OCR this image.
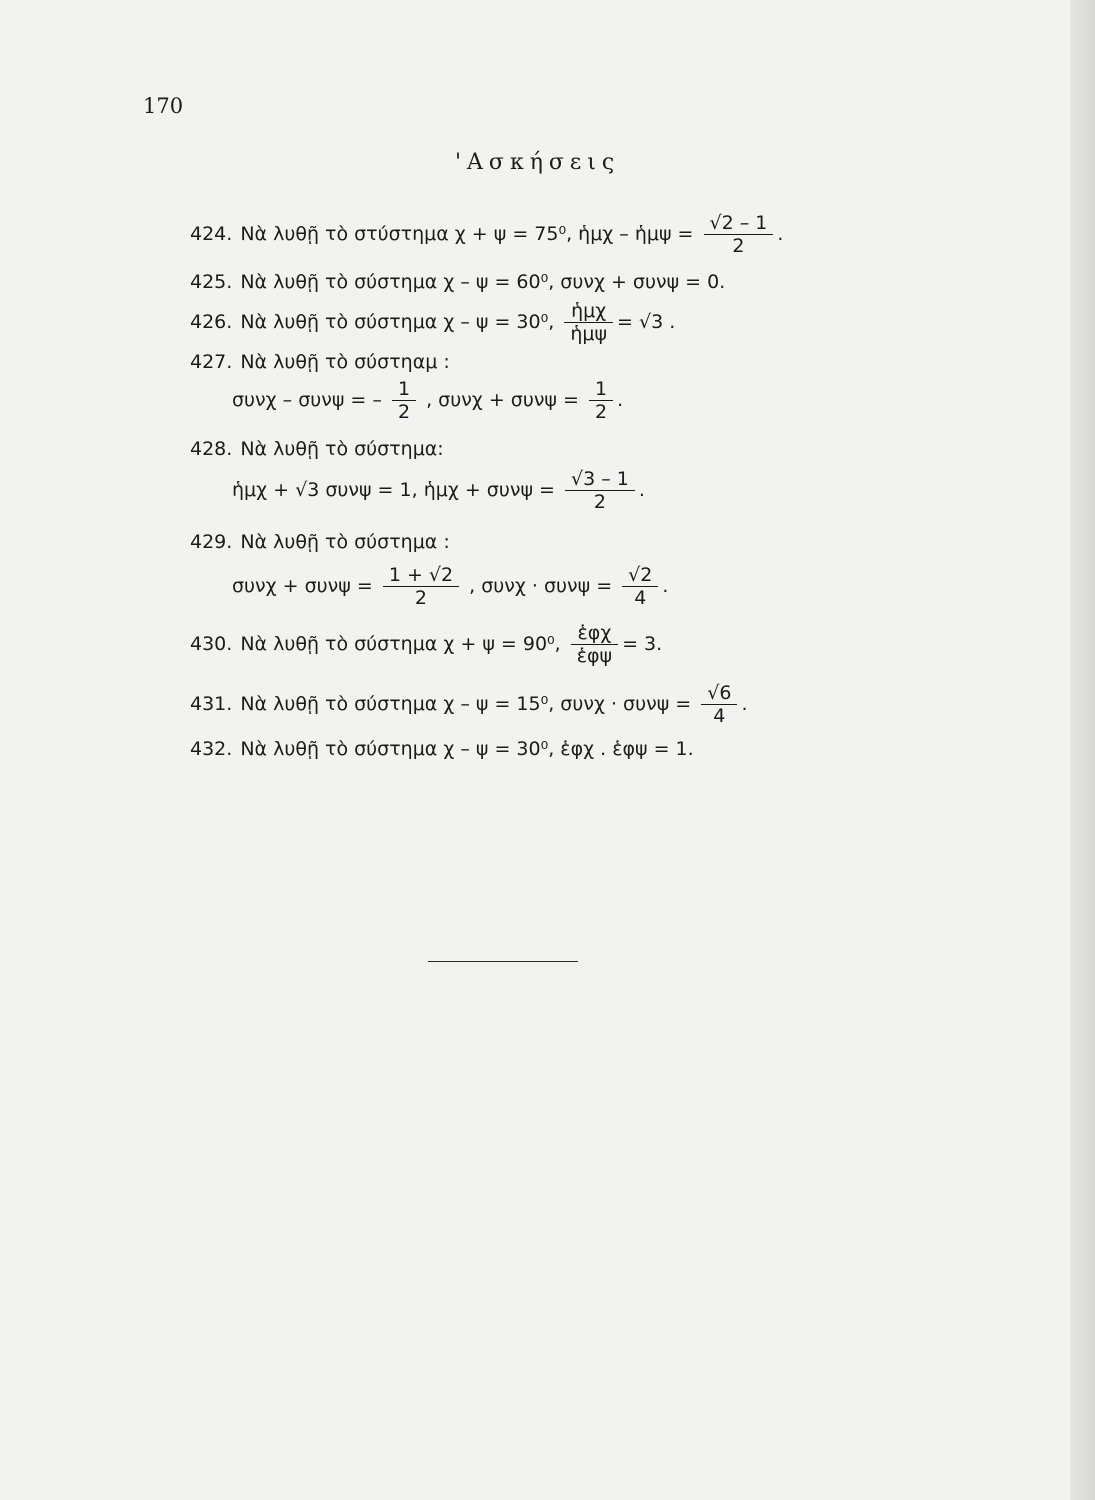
170
'Ασκήσεις
424. Νὰ λυθῇ τὸ στύστημα χ + ψ = 75⁰, ἡμχ – ἡμψ = $\frac{√2 - 1}{2}$ .
425. Νὰ λυθῇ τὸ σύστημα χ – ψ = 60⁰, συνχ + συνψ = 0.
426. Νὰ λυθῇ τὸ σύστημα χ – ψ = 30⁰, $\frac{\text{ἡμχ}}{\text{ἡμψ}} = √3$ .
427. Νὰ λυθῇ τὸ σύστηαμ :
συνχ – συνψ = – $\frac{1}{2}$ , $\sigma\upsilon\nu\chi + \sigma\upsilon\nu\psi = \frac{1}{2}$ .
428. Νὰ λυθῇ τὸ σύστημα:
ἡμχ + √3 συνψ = 1, ἡμχ + $\sigma\upsilon\nu\psi = \frac{√3 - 1}{2}$ .
429. Νὰ λυθῇ τὸ σύστημα :
$\sigma\upsilon\nu\chi + \sigma\upsilon\nu\psi = \frac{1 + √2}{2}$ , $\sigma\upsilon\nu\chi \cdot \sigma\upsilon\nu\psi = \frac{√2}{4}$ .
430. Νὰ λυθῇ τὸ σύστημα χ + ψ = 90⁰, $\frac{\text{ἑφχ}}{\text{ἑφψ}} = 3$.
431. Νὰ λυθῇ τὸ σύστημα χ – ψ = 15⁰, $\sigma\upsilon\nu\chi \cdot \sigma\upsilon\nu\psi = \frac{√6}{4}$ .
432. Νὰ λυθῇ τὸ σύστημα χ – ψ = 30⁰, ἑφχ . ἑφψ = 1.
